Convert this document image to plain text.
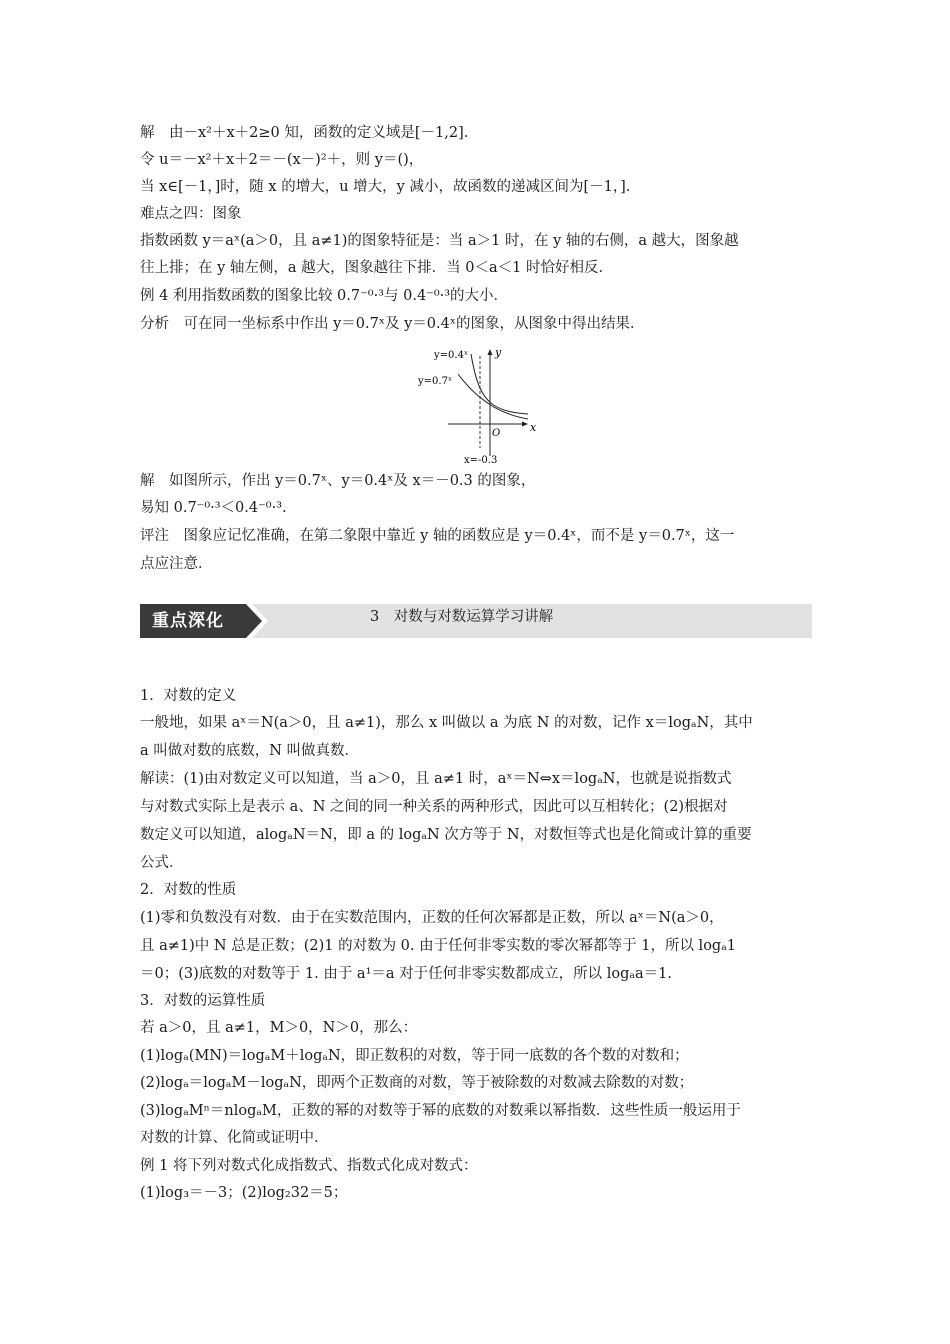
解　由－x²＋x＋2≥0 知，函数的定义域是[－1,2].
令 u＝－x²＋x＋2＝－(x－)²＋，则 y＝()，
当 x∈[－1，]时，随 x 的增大，u 增大，y 减小，故函数的递减区间为[－1，].
难点之四：图象
指数函数 y＝aˣ(a＞0，且 a≠1)的图象特征是：当 a＞1 时，在 y 轴的右侧，a 越大，图象越
往上排；在 y 轴左侧，a 越大，图象越往下排．当 0＜a＜1 时恰好相反．
例 4 利用指数函数的图象比较 0.7⁻⁰·³与 0.4⁻⁰·³的大小．
分析　可在同一坐标系中作出 y＝0.7ˣ及 y＝0.4ˣ的图象，从图象中得出结果．
y=0.4ˣ
y=0.7ˣ
y
x
O
x=-0.3
解　如图所示，作出 y＝0.7ˣ、y＝0.4ˣ及 x＝－0.3 的图象，
易知 0.7⁻⁰·³＜0.4⁻⁰·³.
评注　图象应记忆准确，在第二象限中靠近 y 轴的函数应是 y＝0.4ˣ，而不是 y＝0.7ˣ，这一
点应注意．
重点深化	3　对数与对数运算学习讲解
1．对数的定义
一般地，如果 aˣ＝N(a＞0，且 a≠1)，那么 x 叫做以 a 为底 N 的对数，记作 x＝logₐN，其中
a 叫做对数的底数，N 叫做真数．
解读：(1)由对数定义可以知道，当 a＞0，且 a≠1 时，aˣ＝N⇔x＝logₐN，也就是说指数式
与对数式实际上是表示 a、N 之间的同一种关系的两种形式，因此可以互相转化；(2)根据对
数定义可以知道，alogₐN＝N，即 a 的 logₐN 次方等于 N，对数恒等式也是化简或计算的重要
公式．
2．对数的性质
(1)零和负数没有对数．由于在实数范围内，正数的任何次幂都是正数，所以 aˣ＝N(a＞0，
且 a≠1)中 N 总是正数；(2)1 的对数为 0. 由于任何非零实数的零次幂都等于 1，所以 logₐ1
＝0；(3)底数的对数等于 1. 由于 a¹＝a 对于任何非零实数都成立，所以 logₐa＝1.
3．对数的运算性质
若 a＞0，且 a≠1，M＞0，N＞0，那么：
(1)logₐ(MN)＝logₐM＋logₐN，即正数积的对数，等于同一底数的各个数的对数和；
(2)logₐ＝logₐM－logₐN，即两个正数商的对数，等于被除数的对数减去除数的对数；
(3)logₐMⁿ＝nlogₐM，正数的幂的对数等于幂的底数的对数乘以幂指数．这些性质一般运用于
对数的计算、化简或证明中．
例 1 将下列对数式化成指数式、指数式化成对数式：
(1)log₃＝－3；(2)log₂32＝5；
